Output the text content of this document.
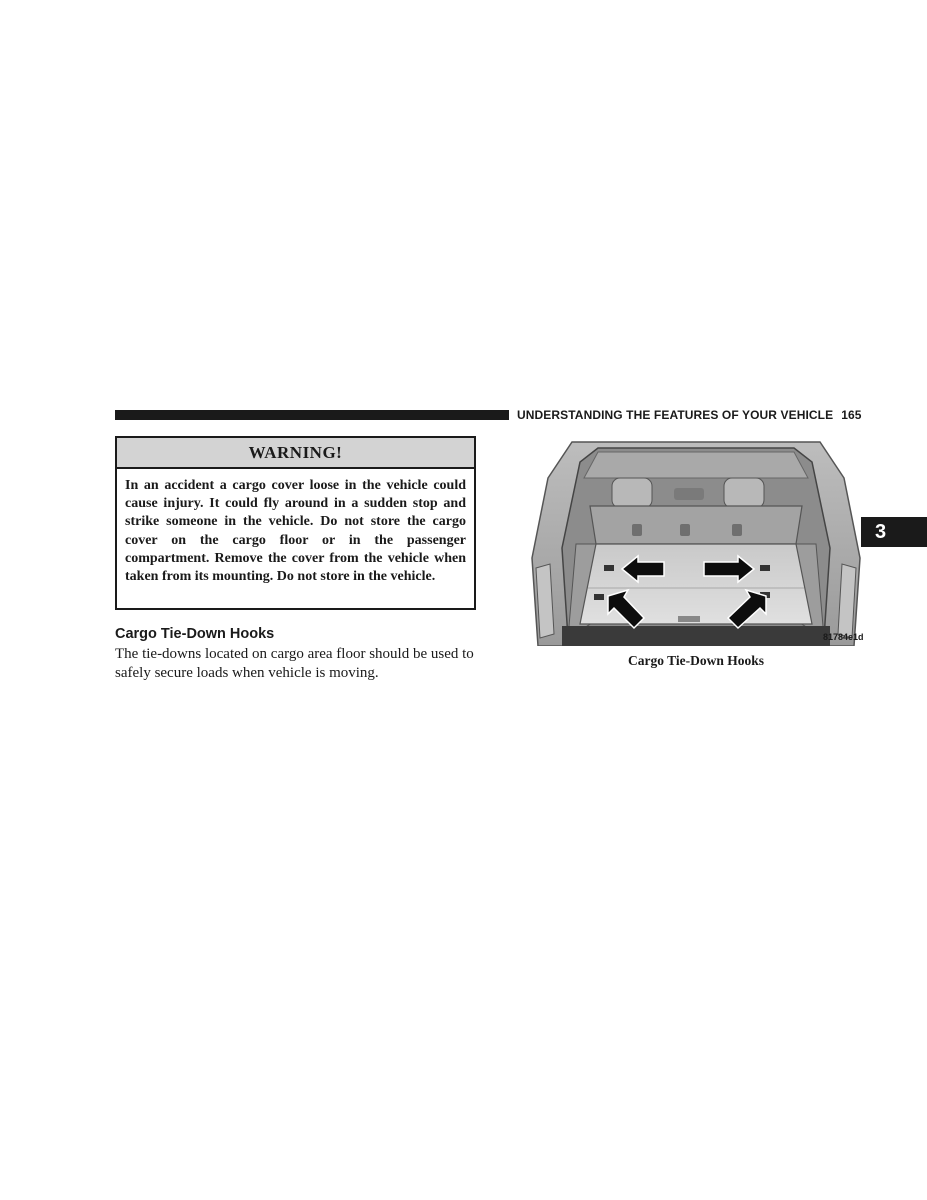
UNDERSTANDING THE FEATURES OF YOUR VEHICLE 165
WARNING!
In an accident a cargo cover loose in the vehicle could cause injury. It could fly around in a sudden stop and strike someone in the vehicle. Do not store the cargo cover on the cargo floor or in the passenger compartment. Remove the cover from the vehicle when taken from its mounting. Do not store in the vehicle.
Cargo Tie-Down Hooks
The tie-downs located on cargo area floor should be used to safely secure loads when vehicle is moving.
81784e1d
Cargo Tie-Down Hooks
3
